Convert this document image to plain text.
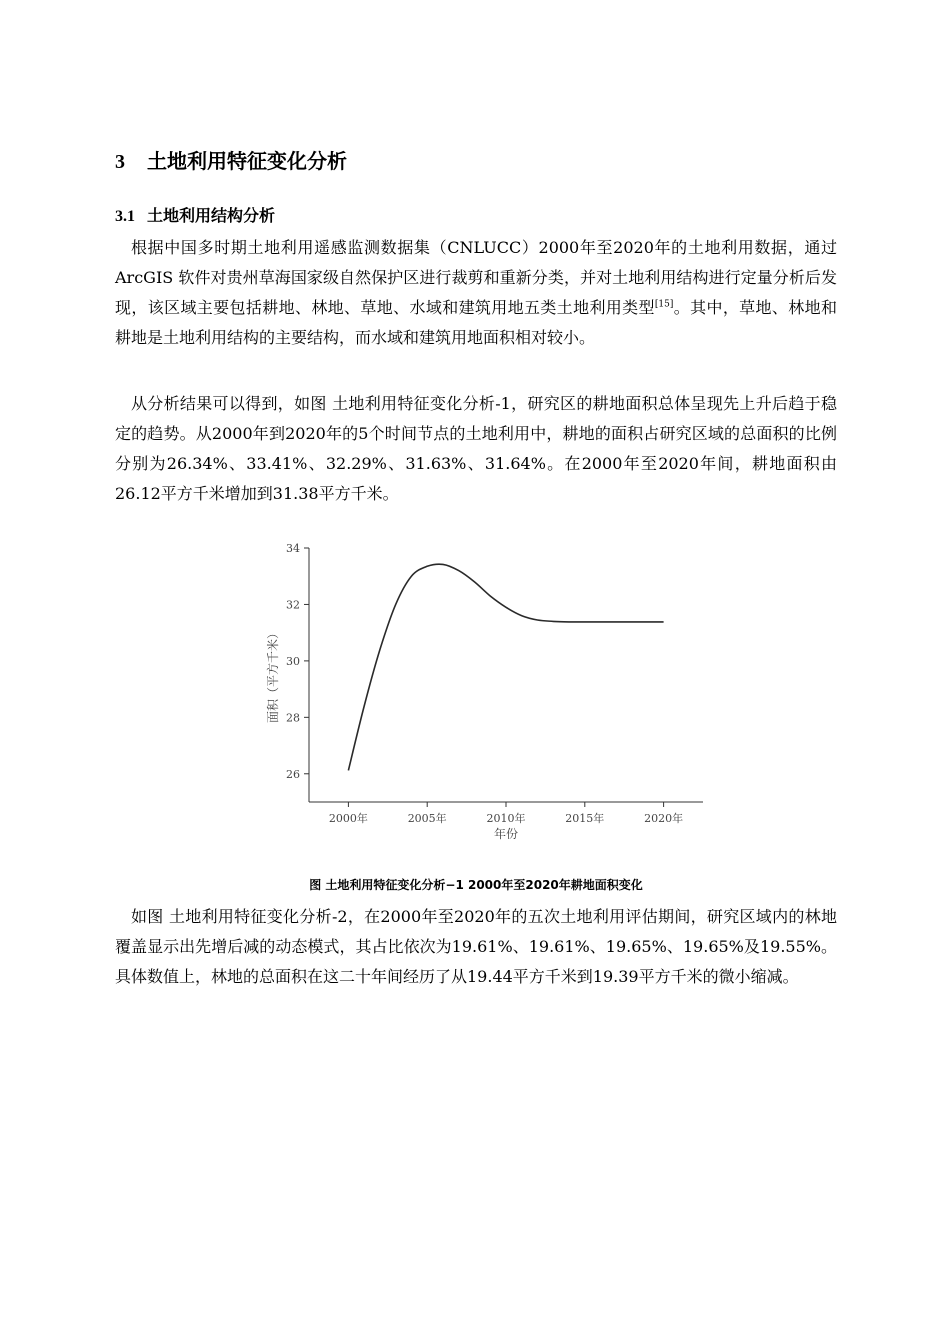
3 土地利用特征变化分析
3.1 土地利用结构分析

根据中国多时期土地利用遥感监测数据集（CNLUCC）2000年至2020年的土地利用数据，通过 ArcGIS 软件对贵州草海国家级自然保护区进行裁剪和重新分类，并对土地利用结构进行定量分析后发现，该区域主要包括耕地、林地、草地、水域和建筑用地五类土地利用类型[15]。其中，草地、林地和耕地是土地利用结构的主要结构，而水域和建筑用地面积相对较小。

从分析结果可以得到，如图 土地利用特征变化分析-1，研究区的耕地面积总体呈现先上升后趋于稳定的趋势。从2000年到2020年的5个时间节点的土地利用中，耕地的面积占研究区域的总面积的比例分别为26.34%、33.41%、32.29%、31.63%、31.64%。在2000年至2020年间，耕地面积由26.12平方千米增加到31.38平方千米。

26
28
30
32
34
2000年	2005年	2010年	2015年	2020年
年份
面积（平方千米）
图 土地利用特征变化分析−1 2000年至2020年耕地面积变化

如图 土地利用特征变化分析-2，在2000年至2020年的五次土地利用评估期间，研究区域内的林地覆盖显示出先增后减的动态模式，其占比依次为19.61%、19.61%、19.65%、19.65%及19.55%。具体数值上，林地的总面积在这二十年间经历了从19.44平方千米到19.39平方千米的微小缩减。
